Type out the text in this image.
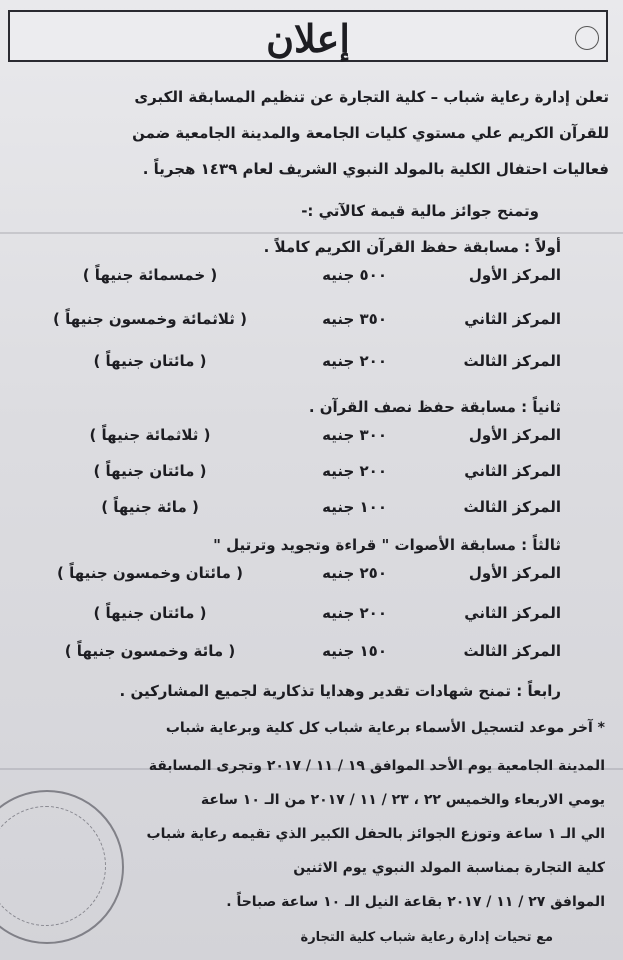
إعلان
تعلن إدارة رعاية شباب – كلية التجارة عن تنظيم المسابقة الكبرى
للقرآن الكريم علي مستوي كليات الجامعة والمدينة الجامعية ضمن
فعاليات احتفال الكلية بالمولد النبوي الشريف لعام ١٤٣٩ هجرياً .
وتمنح جوائز مالية قيمة كالآتي :-
أولاً : مسابقة حفظ القرآن الكريم كاملاً .
المركز الأول
٥٠٠ جنيه
( خمسمائة جنيهاً )
المركز الثاني
٣٥٠ جنيه
( ثلاثمائة وخمسون جنيهاً )
المركز الثالث
٢٠٠ جنيه
( مائتان جنيهاً )
ثانياً : مسابقة حفظ نصف القرآن .
المركز الأول
٣٠٠ جنيه
( ثلاثمائة جنيهاً )
المركز الثاني
٢٠٠ جنيه
( مائتان جنيهاً )
المركز الثالث
١٠٠ جنيه
( مائة جنيهاً )
ثالثاً : مسابقة الأصوات " قراءة وتجويد وترتيل "
المركز الأول
٢٥٠ جنيه
( مائتان وخمسون جنيهاً )
المركز الثاني
٢٠٠ جنيه
( مائتان جنيهاً )
المركز الثالث
١٥٠ جنيه
( مائة وخمسون جنيهاً )
رابعاً : تمنح شهادات تقدير وهدايا تذكارية لجميع المشاركين .
* آخر موعد لتسجيل الأسماء برعاية شباب كل كلية وبرعاية شباب
المدينة الجامعية يوم الأحد الموافق ١٩ / ١١ / ٢٠١٧ وتجرى المسابقة
يومي الاربعاء والخميس ٢٢ ، ٢٣ / ١١ / ٢٠١٧ من الـ ١٠ ساعة
الي الـ ١ ساعة وتوزع الجوائز بالحفل الكبير الذي تقيمه رعاية شباب
كلية التجارة بمناسبة المولد النبوي يوم الاثنين
الموافق ٢٧ / ١١ / ٢٠١٧ بقاعة النيل الـ ١٠ ساعة صباحاً .
مع تحيات إدارة رعاية شباب كلية التجارة
